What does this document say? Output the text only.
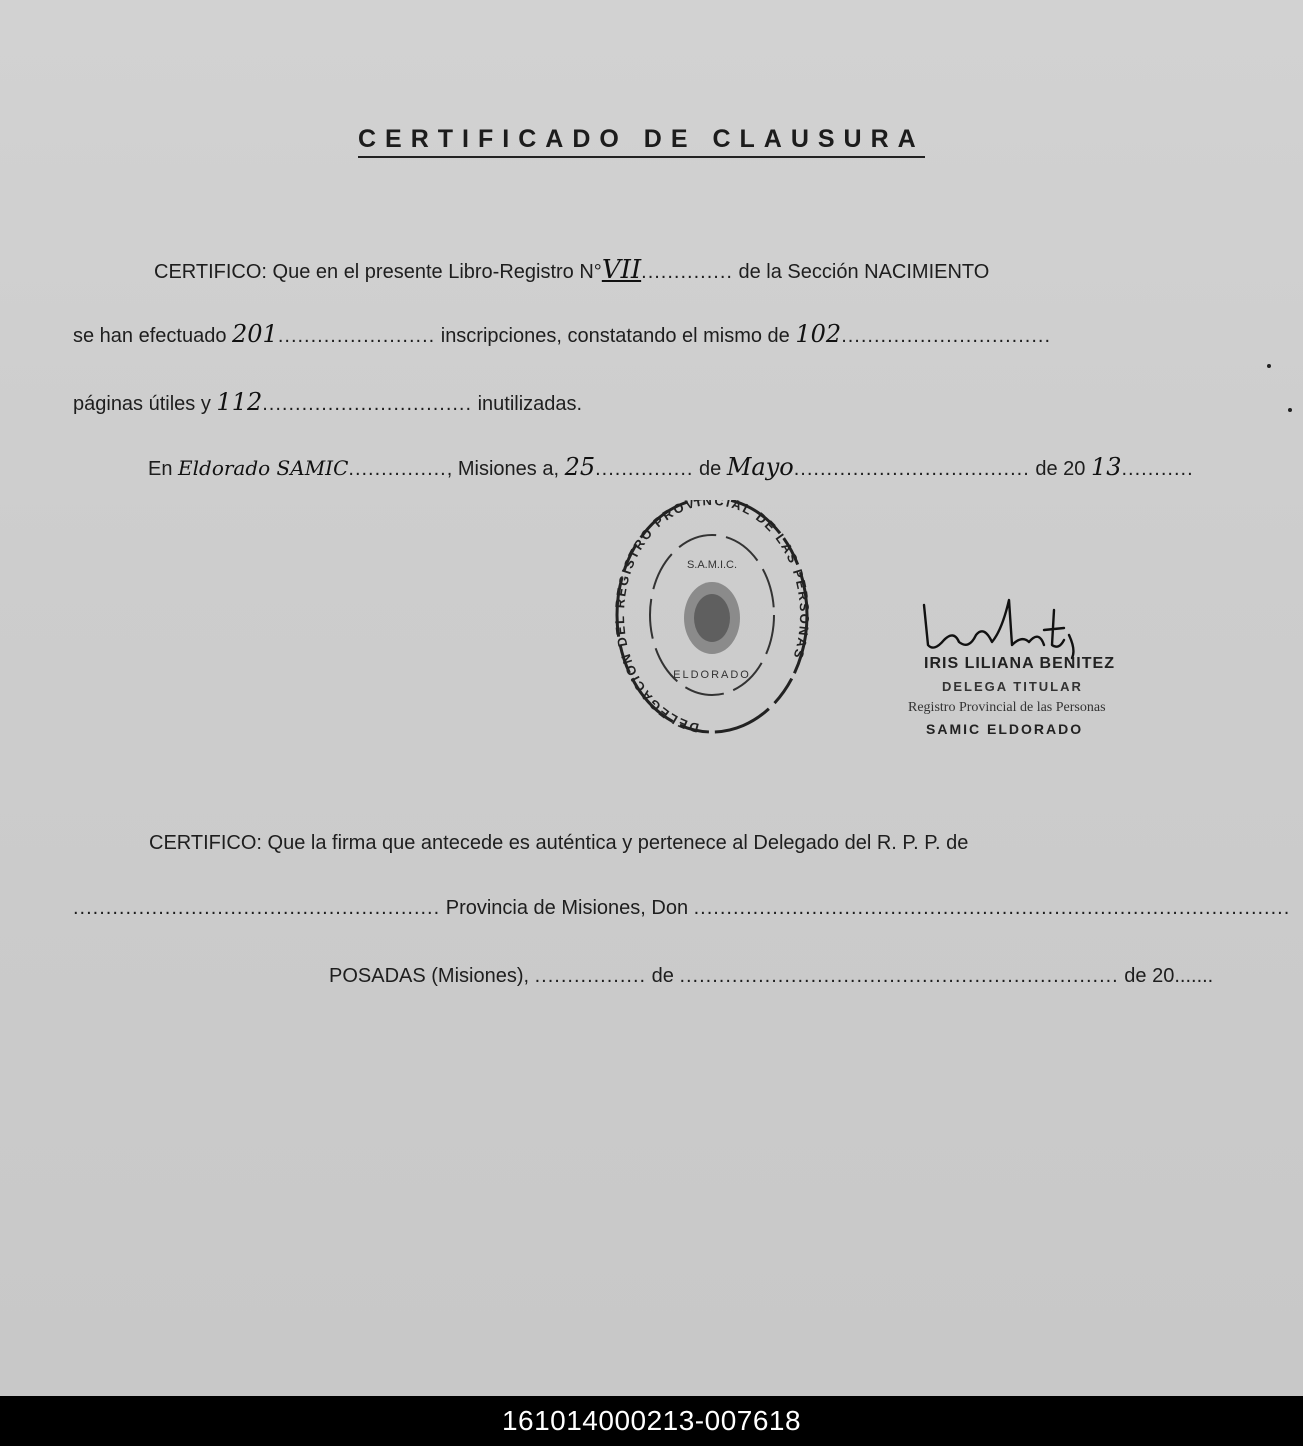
CERTIFICADO DE CLAUSURA
CERTIFICO: Que en el presente Libro-Registro N°VII.............. de la Sección NACIMIENTO
se han efectuado 201........................ inscripciones, constatando el mismo de 102................................
páginas útiles y 112................................ inutilizadas.
En Eldorado SAMIC..............., Misiones a, 25............... de Mayo.................................... de 20 13...........
DELEGACION DEL REGISTRO PROVINCIAL DE LAS PERSONAS
S.A.M.I.C.
ELDORADO
IRIS LILIANA BENITEZ
DELEGA TITULAR
Registro Provincial de las Personas
SAMIC ELDORADO
CERTIFICO: Que la firma que antecede es auténtica y pertenece al Delegado del R. P. P. de
........................................................ Provincia de Misiones, Don ...........................................................................................
POSADAS (Misiones), ................. de ................................................................... de 20.......
161014000213-007618
